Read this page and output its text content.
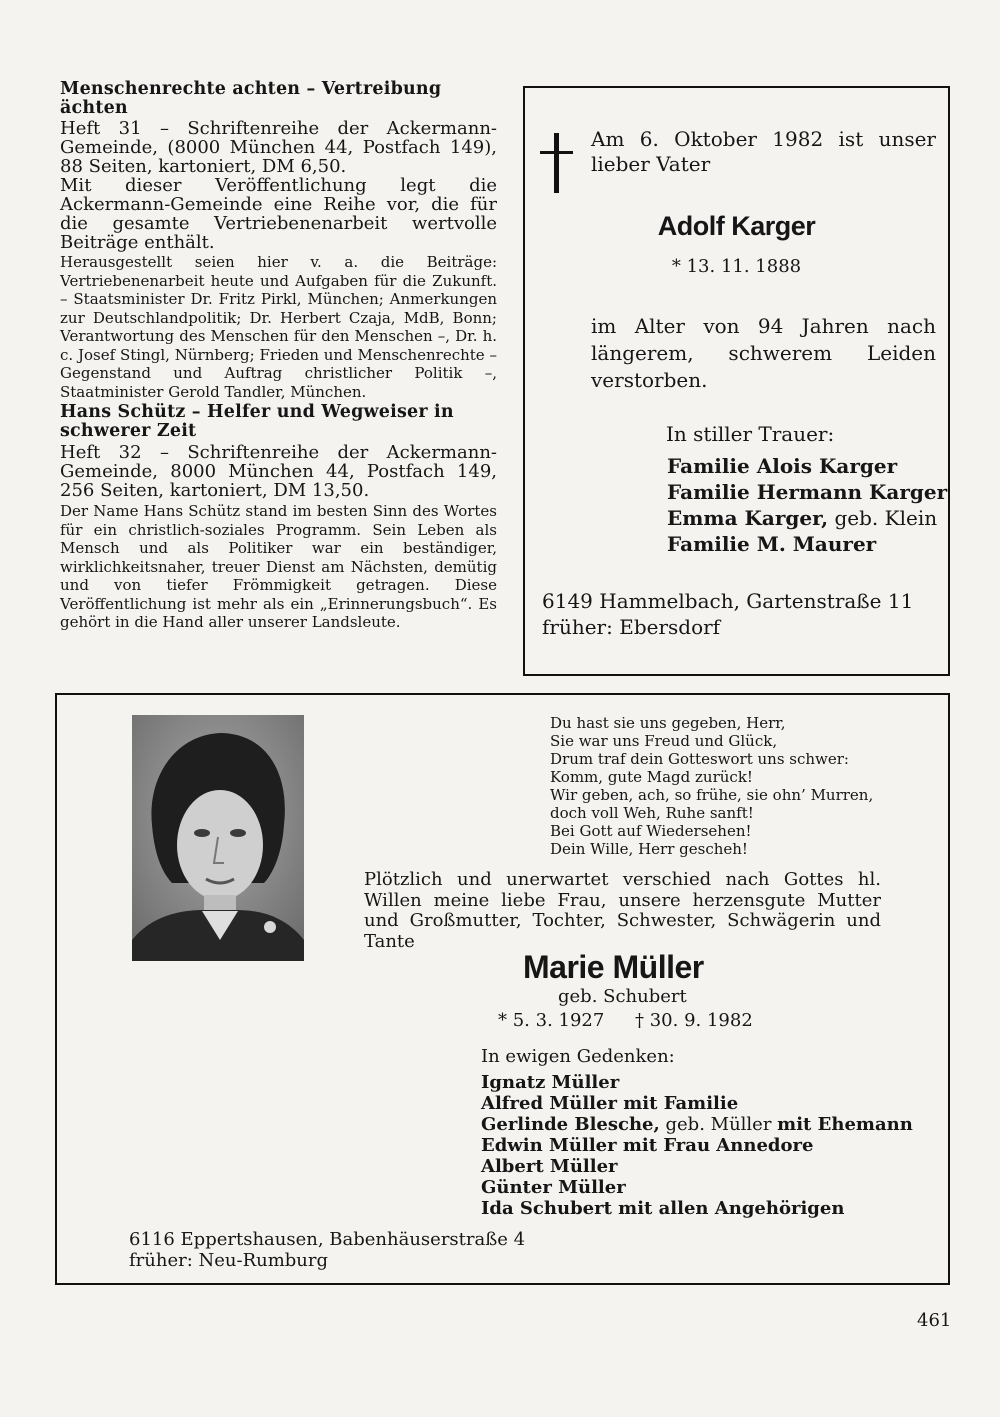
Menschenrechte achten – Vertreibung ächten
Heft 31 – Schriftenreihe der Ackermann-Gemeinde, (8000 München 44, Postfach 149), 88 Seiten, kartoniert, DM 6,50.
Mit dieser Veröffentlichung legt die Ackermann-Gemeinde eine Reihe vor, die für die gesamte Vertriebenenarbeit wertvolle Beiträge enthält.
Herausgestellt seien hier v. a. die Beiträge: Vertriebenenarbeit heute und Aufgaben für die Zukunft. – Staatsminister Dr. Fritz Pirkl, München; Anmerkungen zur Deutschlandpolitik; Dr. Herbert Czaja, MdB, Bonn; Verantwortung des Menschen für den Menschen –, Dr. h. c. Josef Stingl, Nürnberg; Frieden und Menschenrechte – Gegenstand und Auftrag christlicher Politik –, Staatminister Gerold Tandler, München.
Hans Schütz – Helfer und Wegweiser in schwerer Zeit
Heft 32 – Schriftenreihe der Ackermann-Gemeinde, 8000 München 44, Postfach 149, 256 Seiten, kartoniert, DM 13,50.
Der Name Hans Schütz stand im besten Sinn des Wortes für ein christlich-soziales Programm. Sein Leben als Mensch und als Politiker war ein beständiger, wirklichkeitsnaher, treuer Dienst am Nächsten, demütig und von tiefer Frömmigkeit getragen. Diese Veröffentlichung ist mehr als ein „Erinnerungsbuch“. Es gehört in die Hand aller unserer Landsleute.
Am 6. Oktober 1982 ist unser lieber Vater
Adolf Karger
* 13. 11. 1888
im Alter von 94 Jahren nach längerem, schwerem Leiden verstorben.
In stiller Trauer:
Familie Alois Karger
Familie Hermann Karger
Emma Karger, geb. Klein
Familie M. Maurer
6149 Hammelbach, Gartenstraße 11
früher: Ebersdorf
Du hast sie uns gegeben, Herr,
Sie war uns Freud und Glück,
Drum traf dein Gotteswort uns schwer:
Komm, gute Magd zurück!
Wir geben, ach, so frühe, sie ohn’ Murren,
doch voll Weh, Ruhe sanft!
Bei Gott auf Wiedersehen!
Dein Wille, Herr gescheh!
Plötzlich und unerwartet verschied nach Gottes hl. Willen meine liebe Frau, unsere herzensgute Mutter und Großmutter, Tochter, Schwester, Schwägerin und Tante
Marie Müller
geb. Schubert
* 5. 3. 1927 † 30. 9. 1982
In ewigen Gedenken:
Ignatz Müller
Alfred Müller mit Familie
Gerlinde Blesche, geb. Müller mit Ehemann
Edwin Müller mit Frau Annedore
Albert Müller
Günter Müller
Ida Schubert mit allen Angehörigen
6116 Eppertshausen, Babenhäuserstraße 4
früher: Neu-Rumburg
461
